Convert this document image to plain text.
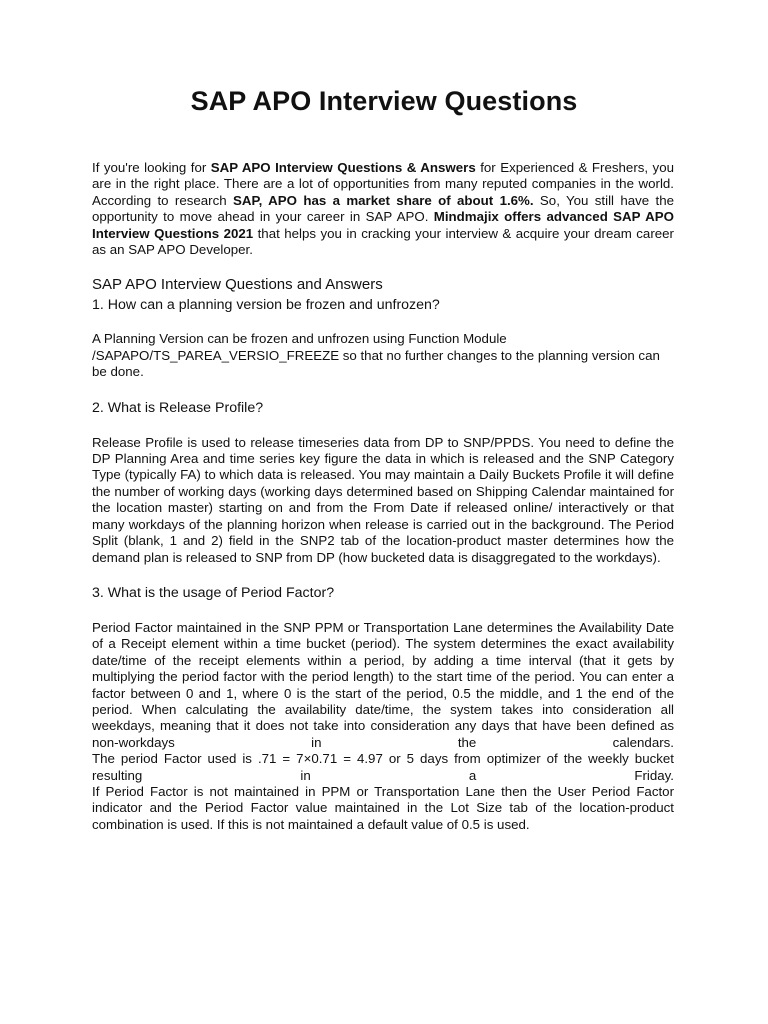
SAP APO Interview Questions

If you're looking for SAP APO Interview Questions & Answers for Experienced & Freshers, you are in the right place. There are a lot of opportunities from many reputed companies in the world. According to research SAP, APO has a market share of about 1.6%. So, You still have the opportunity to move ahead in your career in SAP APO. Mindmajix offers advanced SAP APO Interview Questions 2021 that helps you in cracking your interview & acquire your dream career as an SAP APO Developer.

SAP APO Interview Questions and Answers
1. How can a planning version be frozen and unfrozen?

A Planning Version can be frozen and unfrozen using Function Module /SAPAPO/TS_PAREA_VERSIO_FREEZE so that no further changes to the planning version can be done.

2. What is Release Profile?

Release Profile is used to release timeseries data from DP to SNP/PPDS. You need to define the DP Planning Area and time series key figure the data in which is released and the SNP Category Type (typically FA) to which data is released. You may maintain a Daily Buckets Profile it will define the number of working days (working days determined based on Shipping Calendar maintained for the location master) starting on and from the From Date if released online/ interactively or that many workdays of the planning horizon when release is carried out in the background. The Period Split (blank, 1 and 2) field in the SNP2 tab of the location-product master determines how the demand plan is released to SNP from DP (how bucketed data is disaggregated to the workdays).

3. What is the usage of Period Factor?
Period Factor maintained in the SNP PPM or Transportation Lane determines the Availability Date of a Receipt element within a time bucket (period). The system determines the exact availability date/time of the receipt elements within a period, by adding a time interval (that it gets by multiplying the period factor with the period length) to the start time of the period. You can enter a factor between 0 and 1, where 0 is the start of the period, 0.5 the middle, and 1 the end of the period. When calculating the availability date/time, the system takes into consideration all weekdays, meaning that it does not take into consideration any days that have been defined as non-workdays in the calendars.
The period Factor used is .71 = 7×0.71 = 4.97 or 5 days from optimizer of the weekly bucket resulting in a Friday.
If Period Factor is not maintained in PPM or Transportation Lane then the User Period Factor indicator and the Period Factor value maintained in the Lot Size tab of the location-product combination is used. If this is not maintained a default value of 0.5 is used.
